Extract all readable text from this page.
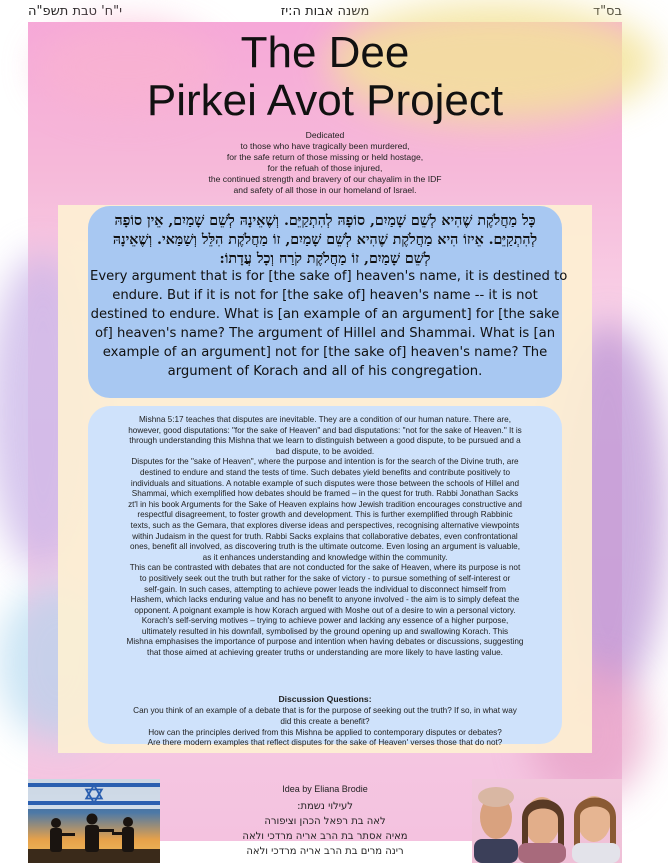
י"ח' טבת תשפ"ה	משנה אבות ה:יז	בס"ד
The Dee
Pirkei Avot Project
Dedicated
to those who have tragically been murdered,
for the safe return of those missing or held hostage,
for the refuah of those injured,
the continued strength and bravery of our chayalim in the IDF
and safety of all those in our homeland of Israel.
כָּל מַחֲלֹקֶת שֶׁהִיא לְשֵׁם שָׁמַיִם, סוֹפָהּ לְהִתְקַיֵּם. וְשֶׁאֵינָהּ לְשֵׁם שָׁמַיִם, אֵין סוֹפָהּ
לְהִתְקַיֵּם. אֵיזוֹ הִיא מַחֲלֹקֶת שֶׁהִיא לְשֵׁם שָׁמַיִם, זוֹ מַחֲלֹקֶת הִלֵּל וְשַׁמַּאי. וְשֶׁאֵינָהּ
לְשֵׁם שָׁמַיִם, זוֹ מַחֲלֹקֶת קֹרַח וְכָל עֲדָתוֹ:
Every argument that is for [the sake of] heaven's name, it is destined to
endure. But if it is not for [the sake of] heaven's name -- it is not
destined to endure. What is [an example of an argument] for [the sake
of] heaven's name? The argument of Hillel and Shammai. What is [an
example of an argument] not for [the sake of] heaven's name? The
argument of Korach and all of his congregation.
Mishna 5:17 teaches that disputes are inevitable. They are a condition of our human nature. There are,
however, good disputations: "for the sake of Heaven" and bad disputations: "not for the sake of Heaven." It is
through understanding this Mishna that we learn to distinguish between a good dispute, to be pursued and a
bad dispute, to be avoided.
Disputes for the "sake of Heaven", where the purpose and intention is for the search of the Divine truth, are
destined to endure and stand the tests of time. Such debates yield benefits and contribute positively to
individuals and situations. A notable example of such disputes were those between the schools of Hillel and
Shammai, which exemplified how debates should be framed – in the quest for truth. Rabbi Jonathan Sacks
zt'l in his book Arguments for the Sake of Heaven explains how Jewish tradition encourages constructive and
respectful disagreement, to foster growth and development. This is further exemplified through Rabbinic
texts, such as the Gemara, that explores diverse ideas and perspectives, recognising alternative viewpoints
within Judaism in the quest for truth. Rabbi Sacks explains that collaborative debates, even confrontational
ones, benefit all involved, as discovering truth is the ultimate outcome. Even losing an argument is valuable,
as it enhances understanding and knowledge within the community.
This can be contrasted with debates that are not conducted for the sake of Heaven, where its purpose is not
to positively seek out the truth but rather for the sake of victory - to pursue something of self-interest or
self-gain. In such cases, attempting to achieve power leads the individual to disconnect himself from
Hashem, which lacks enduring value and has no benefit to anyone involved - the aim is to simply defeat the
opponent. A poignant example is how Korach argued with Moshe out of a desire to win a personal victory.
Korach's self-serving motives – trying to achieve power and lacking any essence of a higher purpose,
ultimately resulted in his downfall, symbolised by the ground opening up and swallowing Korach. This
Mishna emphasises the importance of purpose and intention when having debates or discussions, suggesting
that those aimed at achieving greater truths or understanding are more likely to have lasting value.
Discussion Questions:
Can you think of an example of a debate that is for the purpose of seeking out the truth? If so, in what way
did this create a benefit?
How can the principles derived from this Mishna be applied to contemporary disputes or debates?
Are there modern examples that reflect disputes for the sake of Heaven' verses those that do not?
Idea by Eliana Brodie
לעילוי נשמת:
לאה בת רפאל הכהן וציפורה
מאיה אסתר בת הרב אריה מרדכי ולאה
רינה מרים בת הרב אריה מרדכי ולאה
